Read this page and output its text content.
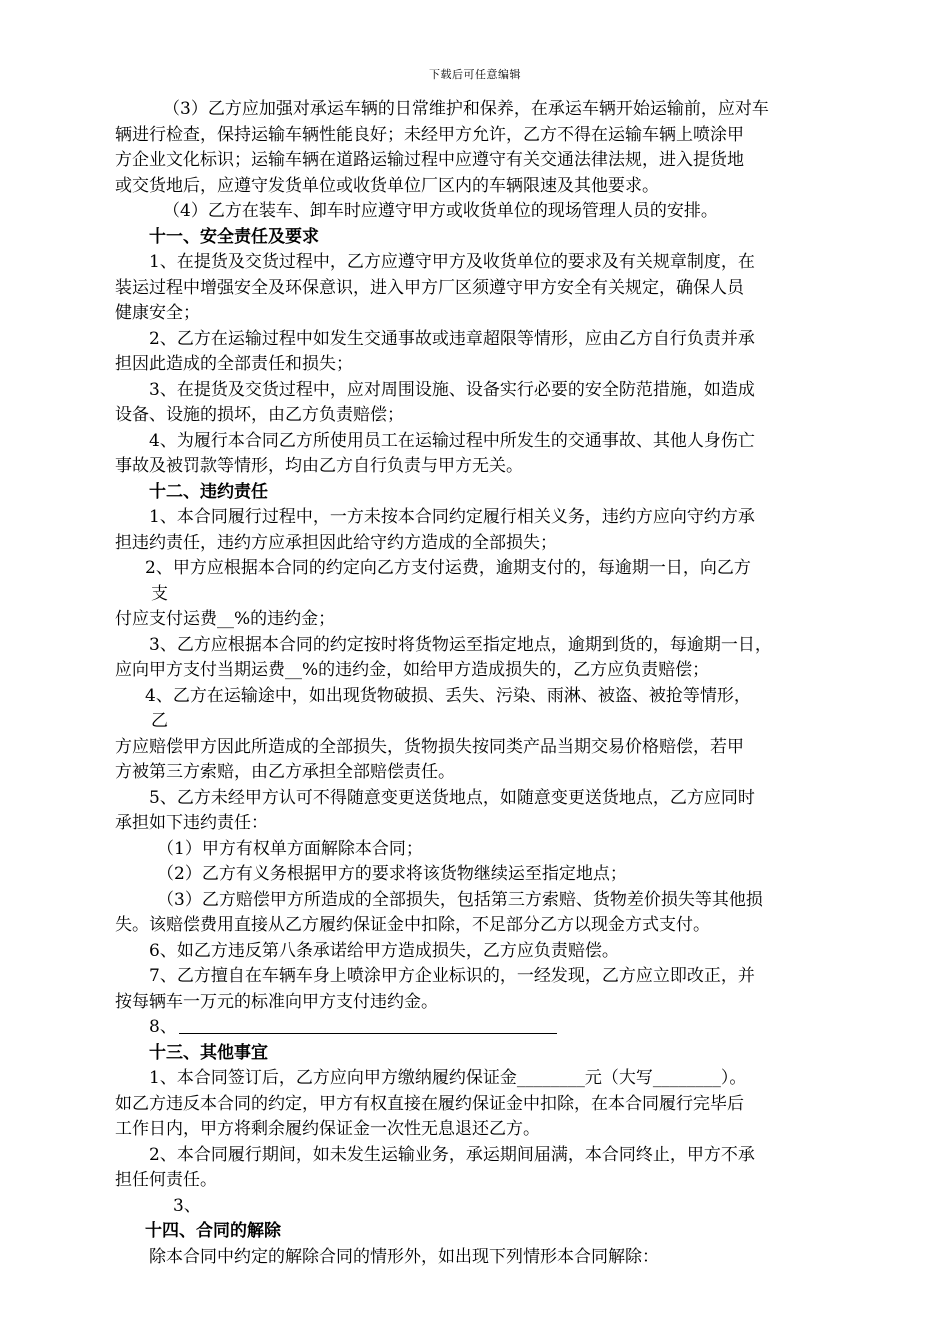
下载后可任意编辑
（3）乙方应加强对承运车辆的日常维护和保养，在承运车辆开始运输前，应对车
辆进行检查，保持运输车辆性能良好；未经甲方允许，乙方不得在运输车辆上喷涂甲
方企业文化标识；运输车辆在道路运输过程中应遵守有关交通法律法规，进入提货地
或交货地后，应遵守发货单位或收货单位厂区内的车辆限速及其他要求。
（4）乙方在装车、卸车时应遵守甲方或收货单位的现场管理人员的安排。
十一、安全责任及要求
1、在提货及交货过程中，乙方应遵守甲方及收货单位的要求及有关规章制度，在
装运过程中增强安全及环保意识，进入甲方厂区须遵守甲方安全有关规定，确保人员
健康安全；
2、乙方在运输过程中如发生交通事故或违章超限等情形，应由乙方自行负责并承
担因此造成的全部责任和损失；
3、在提货及交货过程中，应对周围设施、设备实行必要的安全防范措施，如造成
设备、设施的损坏，由乙方负责赔偿；
4、为履行本合同乙方所使用员工在运输过程中所发生的交通事故、其他人身伤亡
事故及被罚款等情形，均由乙方自行负责与甲方无关。
十二、违约责任
1、本合同履行过程中，一方未按本合同约定履行相关义务，违约方应向守约方承
担违约责任，违约方应承担因此给守约方造成的全部损失；
2、甲方应根据本合同的约定向乙方支付运费，逾期支付的，每逾期一日，向乙方
支
付应支付运费__%的违约金；
3、乙方应根据本合同的约定按时将货物运至指定地点，逾期到货的，每逾期一日，
应向甲方支付当期运费__%的违约金，如给甲方造成损失的，乙方应负责赔偿；
4、乙方在运输途中，如出现货物破损、丢失、污染、雨淋、被盗、被抢等情形，
乙
方应赔偿甲方因此所造成的全部损失，货物损失按同类产品当期交易价格赔偿，若甲
方被第三方索赔，由乙方承担全部赔偿责任。
5、乙方未经甲方认可不得随意变更送货地点，如随意变更送货地点，乙方应同时
承担如下违约责任：
（1）甲方有权单方面解除本合同；
（2）乙方有义务根据甲方的要求将该货物继续运至指定地点；
（3）乙方赔偿甲方所造成的全部损失，包括第三方索赔、货物差价损失等其他损
失。该赔偿费用直接从乙方履约保证金中扣除，不足部分乙方以现金方式支付。
6、如乙方违反第八条承诺给甲方造成损失，乙方应负责赔偿。
7、乙方擅自在车辆车身上喷涂甲方企业标识的，一经发现，乙方应立即改正，并
按每辆车一万元的标准向甲方支付违约金。
8、
十三、其他事宜
1、本合同签订后，乙方应向甲方缴纳履约保证金________元（大写________）。
如乙方违反本合同的约定，甲方有权直接在履约保证金中扣除，在本合同履行完毕后
工作日内，甲方将剩余履约保证金一次性无息退还乙方。
2、本合同履行期间，如未发生运输业务，承运期间届满，本合同终止，甲方不承
担任何责任。
3、
十四、合同的解除
除本合同中约定的解除合同的情形外，如出现下列情形本合同解除：
